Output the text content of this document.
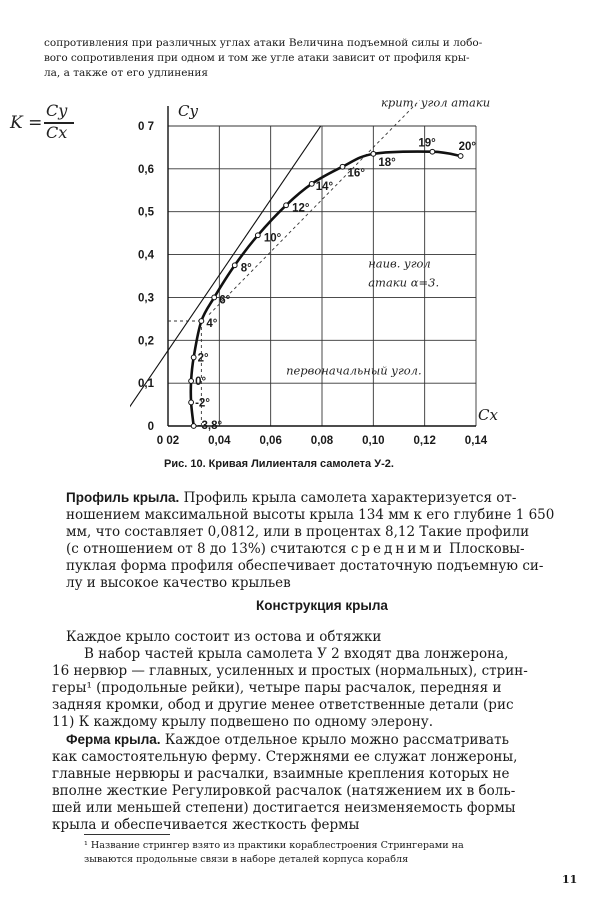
сопротивления при различных углах атаки Величина подъемной силы и лобо-
вого сопротивления при одном и том же угле атаки зависит от профиля кры-
ла, а также от его удлинения
K =
Cy
Cx
-3,8°
-2°
0°
2°
4°
6°
8°
10°
12°
14°
16°
18°
19° 20°
0 02	0,04	0,06	0,08	0,10	0,12	0,14
0
0,1
0,2
0,3
0,4
0,5
0,6
0 7
Cy
Cx
крит. угол атаки
наив. угол
атаки α=3.
первоначальный угол.
Рис. 10. Кривая Лилиенталя самолета У-2.
Профиль крыла. Профиль крыла самолета характеризуется от-
ношением максимальной высоты крыла 134 мм к его глубине 1 650
мм, что составляет 0,0812, или в процентах 8,12 Такие профили
(с отношением от 8 до 13%) считаются средними Плосковы-
пуклая форма профиля обеспечивает достаточную подъемную си-
лу и высокое качество крыльев
Конструкция крыла
Каждое крыло состоит из остова и обтяжки
В набор частей крыла самолета У 2 входят два лонжерона,
16 нервюр — главных, усиленных и простых (нормальных), стрин-
геры¹ (продольные рейки), четыре пары расчалок, передняя и
задняя кромки, обод и другие менее ответственные детали (рис
11) К каждому крылу подвешено по одному элерону.
Ферма крыла. Каждое отдельное крыло можно рассматривать
как самостоятельную ферму. Стержнями ее служат лонжероны,
главные нервюры и расчалки, взаимные крепления которых не
вполне жесткие Регулировкой расчалок (натяжением их в боль-
шей или меньшей степени) достигается неизменяемость формы
крыла и обеспечивается жесткость фермы
¹ Название стрингер взято из практики кораблестроения Стрингерами на
зываются продольные связи в наборе деталей корпуса корабля
11
